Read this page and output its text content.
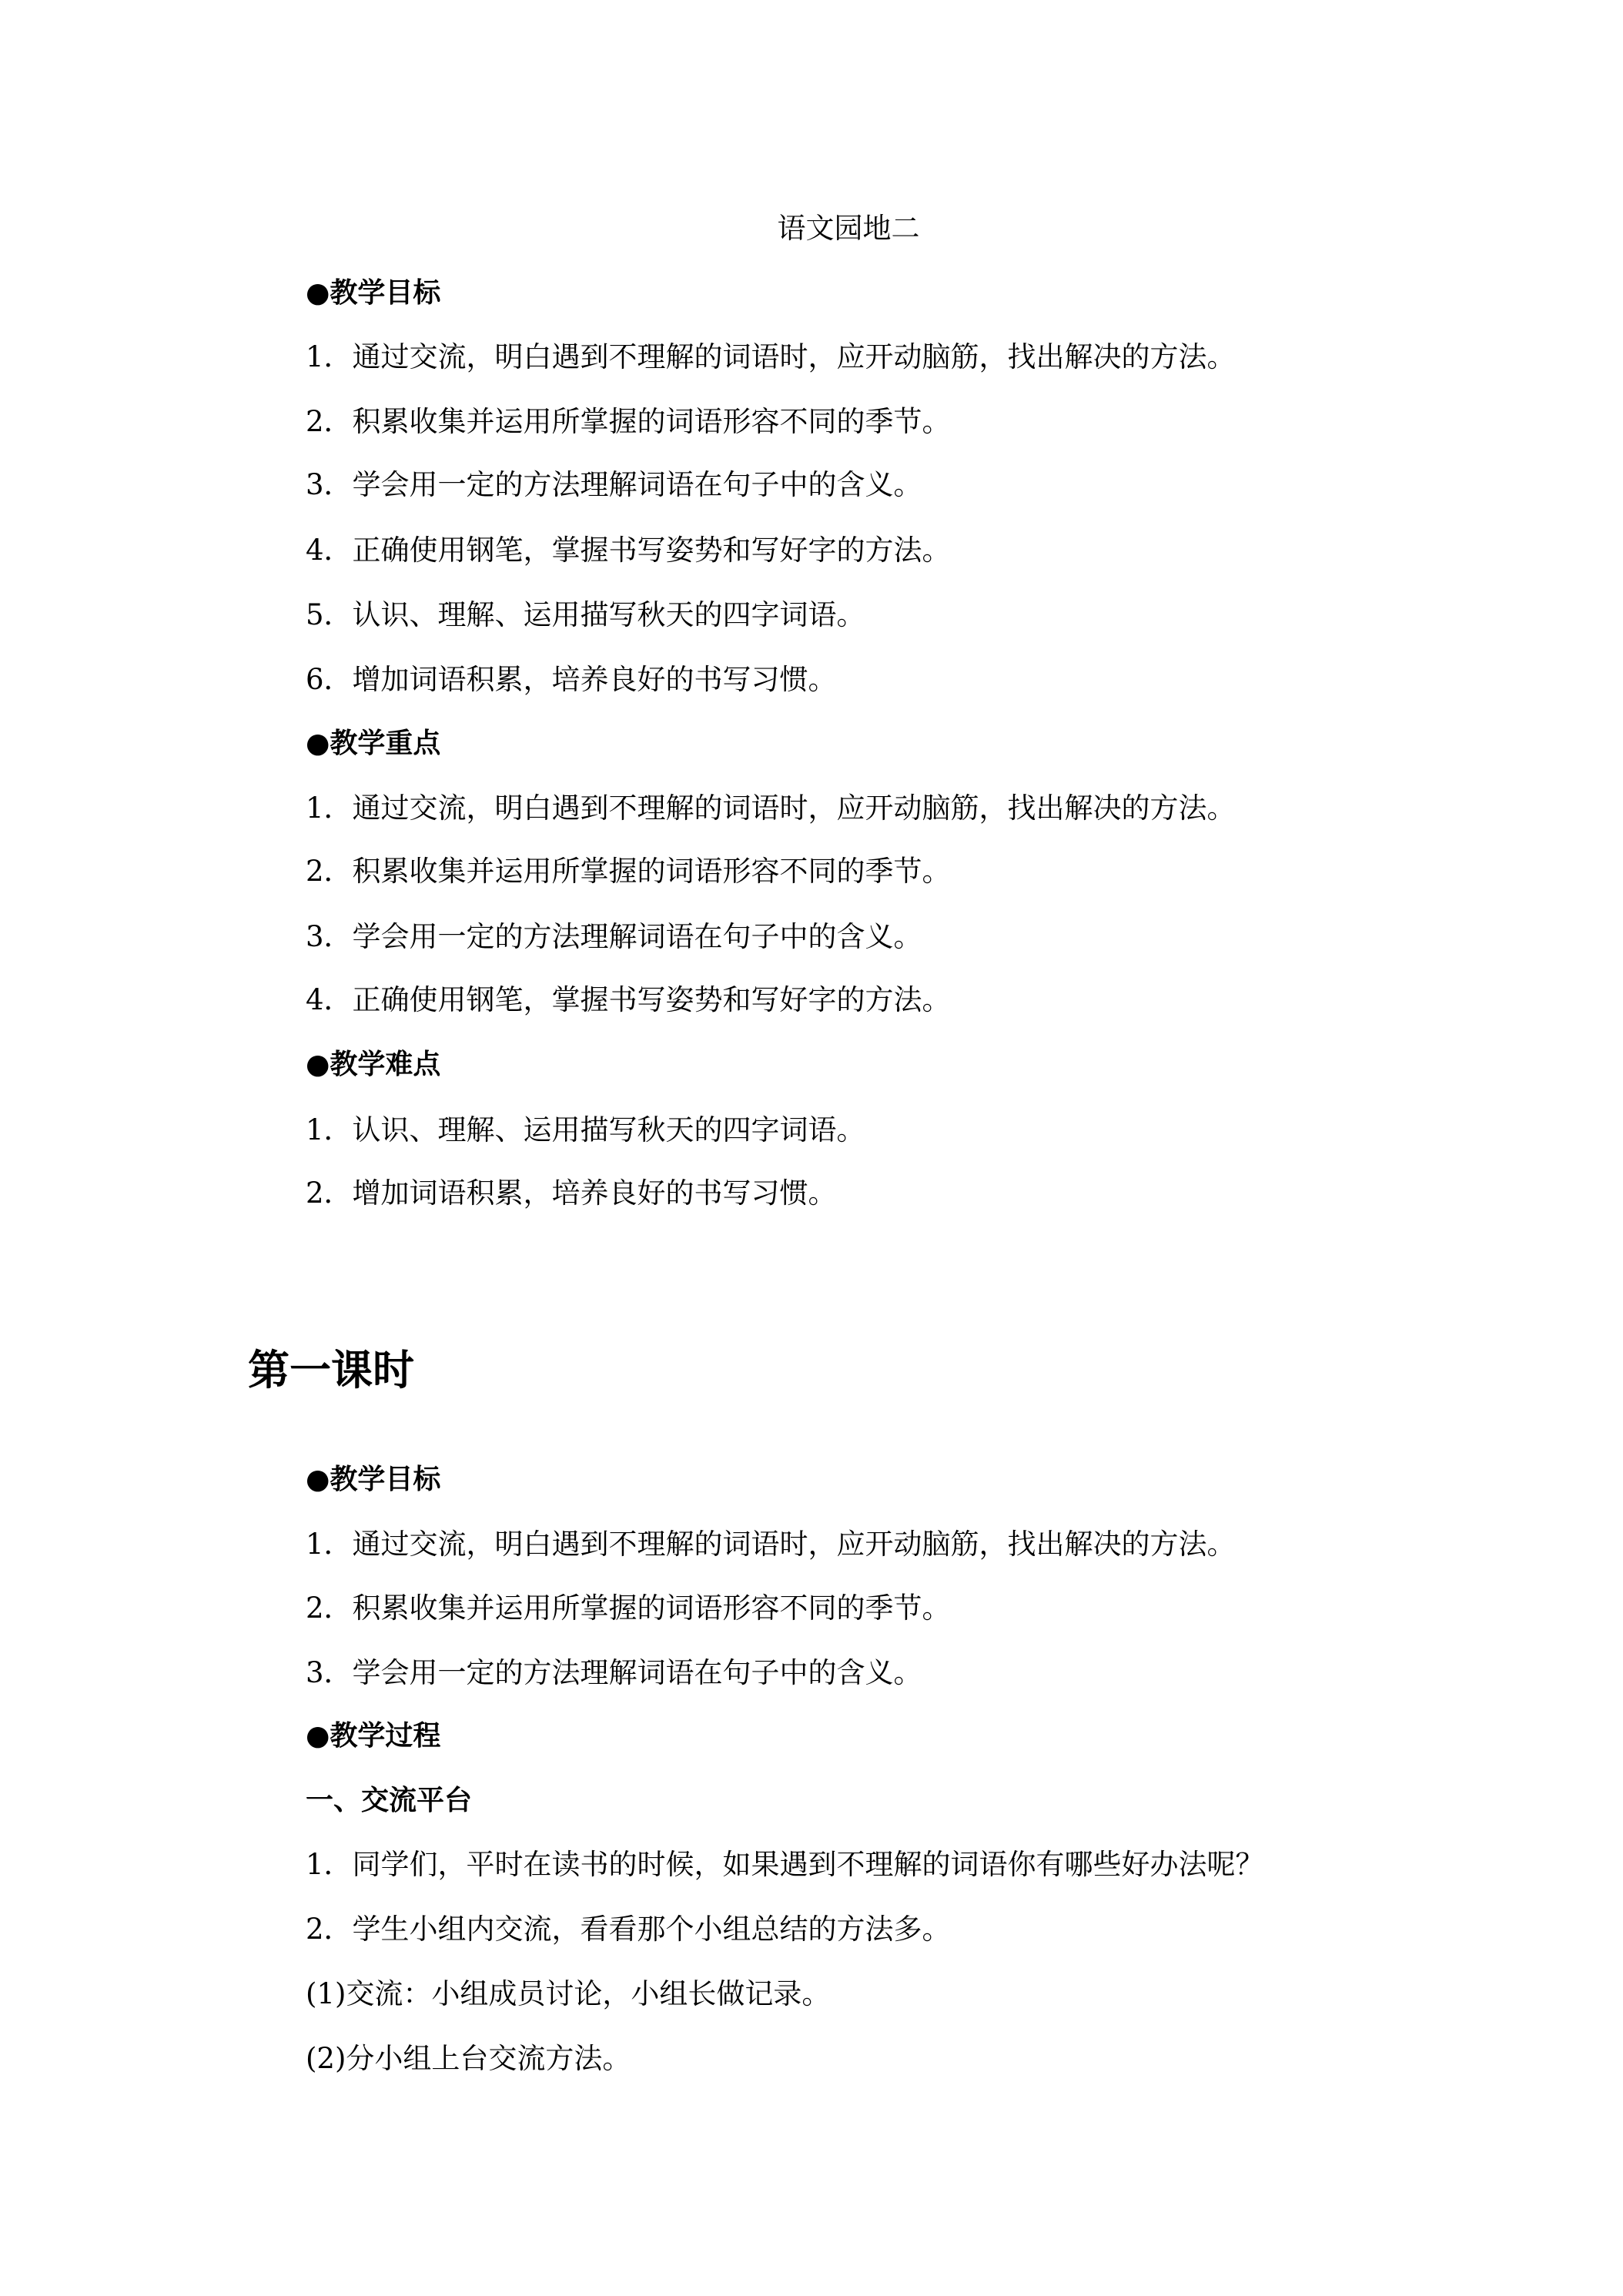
语文园地二
●教学目标
1．通过交流，明白遇到不理解的词语时，应开动脑筋，找出解决的方法。
2．积累收集并运用所掌握的词语形容不同的季节。
3．学会用一定的方法理解词语在句子中的含义。
4．正确使用钢笔，掌握书写姿势和写好字的方法。
5．认识、理解、运用描写秋天的四字词语。
6．增加词语积累，培养良好的书写习惯。
●教学重点
1．通过交流，明白遇到不理解的词语时，应开动脑筋，找出解决的方法。
2．积累收集并运用所掌握的词语形容不同的季节。
3．学会用一定的方法理解词语在句子中的含义。
4．正确使用钢笔，掌握书写姿势和写好字的方法。
●教学难点
1．认识、理解、运用描写秋天的四字词语。
2．增加词语积累，培养良好的书写习惯。
第一课时
●教学目标
1．通过交流，明白遇到不理解的词语时，应开动脑筋，找出解决的方法。
2．积累收集并运用所掌握的词语形容不同的季节。
3．学会用一定的方法理解词语在句子中的含义。
●教学过程
一、交流平台
1．同学们，平时在读书的时候，如果遇到不理解的词语你有哪些好办法呢？
2．学生小组内交流，看看那个小组总结的方法多。
(1)交流：小组成员讨论，小组长做记录。
(2)分小组上台交流方法。
